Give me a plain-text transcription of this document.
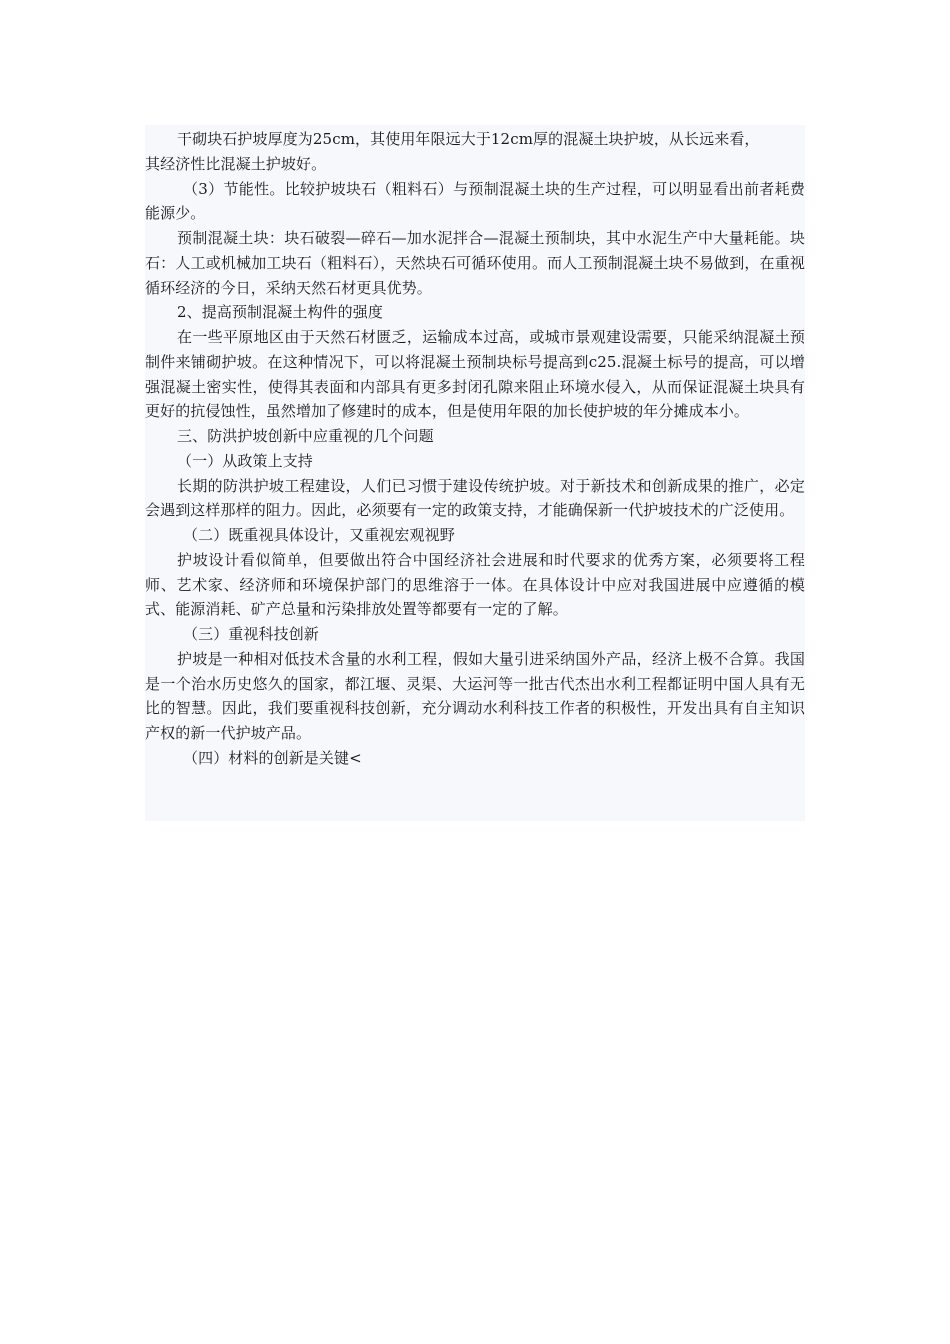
干砌块石护坡厚度为25cm，其使用年限远大于12cm厚的混凝土块护坡，从长远来看，

其经济性比混凝土护坡好。

（3）节能性。比较护坡块石（粗料石）与预制混凝土块的生产过程，可以明显看出前者耗费能源少。

预制混凝土块：块石破裂—碎石—加水泥拌合—混凝土预制块，其中水泥生产中大量耗能。块石：人工或机械加工块石（粗料石），天然块石可循环使用。而人工预制混凝土块不易做到，在重视循环经济的今日，采纳天然石材更具优势。

2、提高预制混凝土构件的强度

在一些平原地区由于天然石材匮乏，运输成本过高，或城市景观建设需要，只能采纳混凝土预制件来铺砌护坡。在这种情况下，可以将混凝土预制块标号提高到c25.混凝土标号的提高，可以增强混凝土密实性，使得其表面和内部具有更多封闭孔隙来阻止环境水侵入，从而保证混凝土块具有更好的抗侵蚀性，虽然增加了修建时的成本，但是使用年限的加长使护坡的年分摊成本小。

三、防洪护坡创新中应重视的几个问题

（一）从政策上支持

长期的防洪护坡工程建设，人们已习惯于建设传统护坡。对于新技术和创新成果的推广，必定会遇到这样那样的阻力。因此，必须要有一定的政策支持，才能确保新一代护坡技术的广泛使用。

（二）既重视具体设计，又重视宏观视野

护坡设计看似简单，但要做出符合中国经济社会进展和时代要求的优秀方案，必须要将工程师、艺术家、经济师和环境保护部门的思维溶于一体。在具体设计中应对我国进展中应遵循的模式、能源消耗、矿产总量和污染排放处置等都要有一定的了解。

（三）重视科技创新

护坡是一种相对低技术含量的水利工程，假如大量引进采纳国外产品，经济上极不合算。我国是一个治水历史悠久的国家，都江堰、灵渠、大运河等一批古代杰出水利工程都证明中国人具有无比的智慧。因此，我们要重视科技创新，充分调动水利科技工作者的积极性，开发出具有自主知识产权的新一代护坡产品。

（四）材料的创新是关键<
